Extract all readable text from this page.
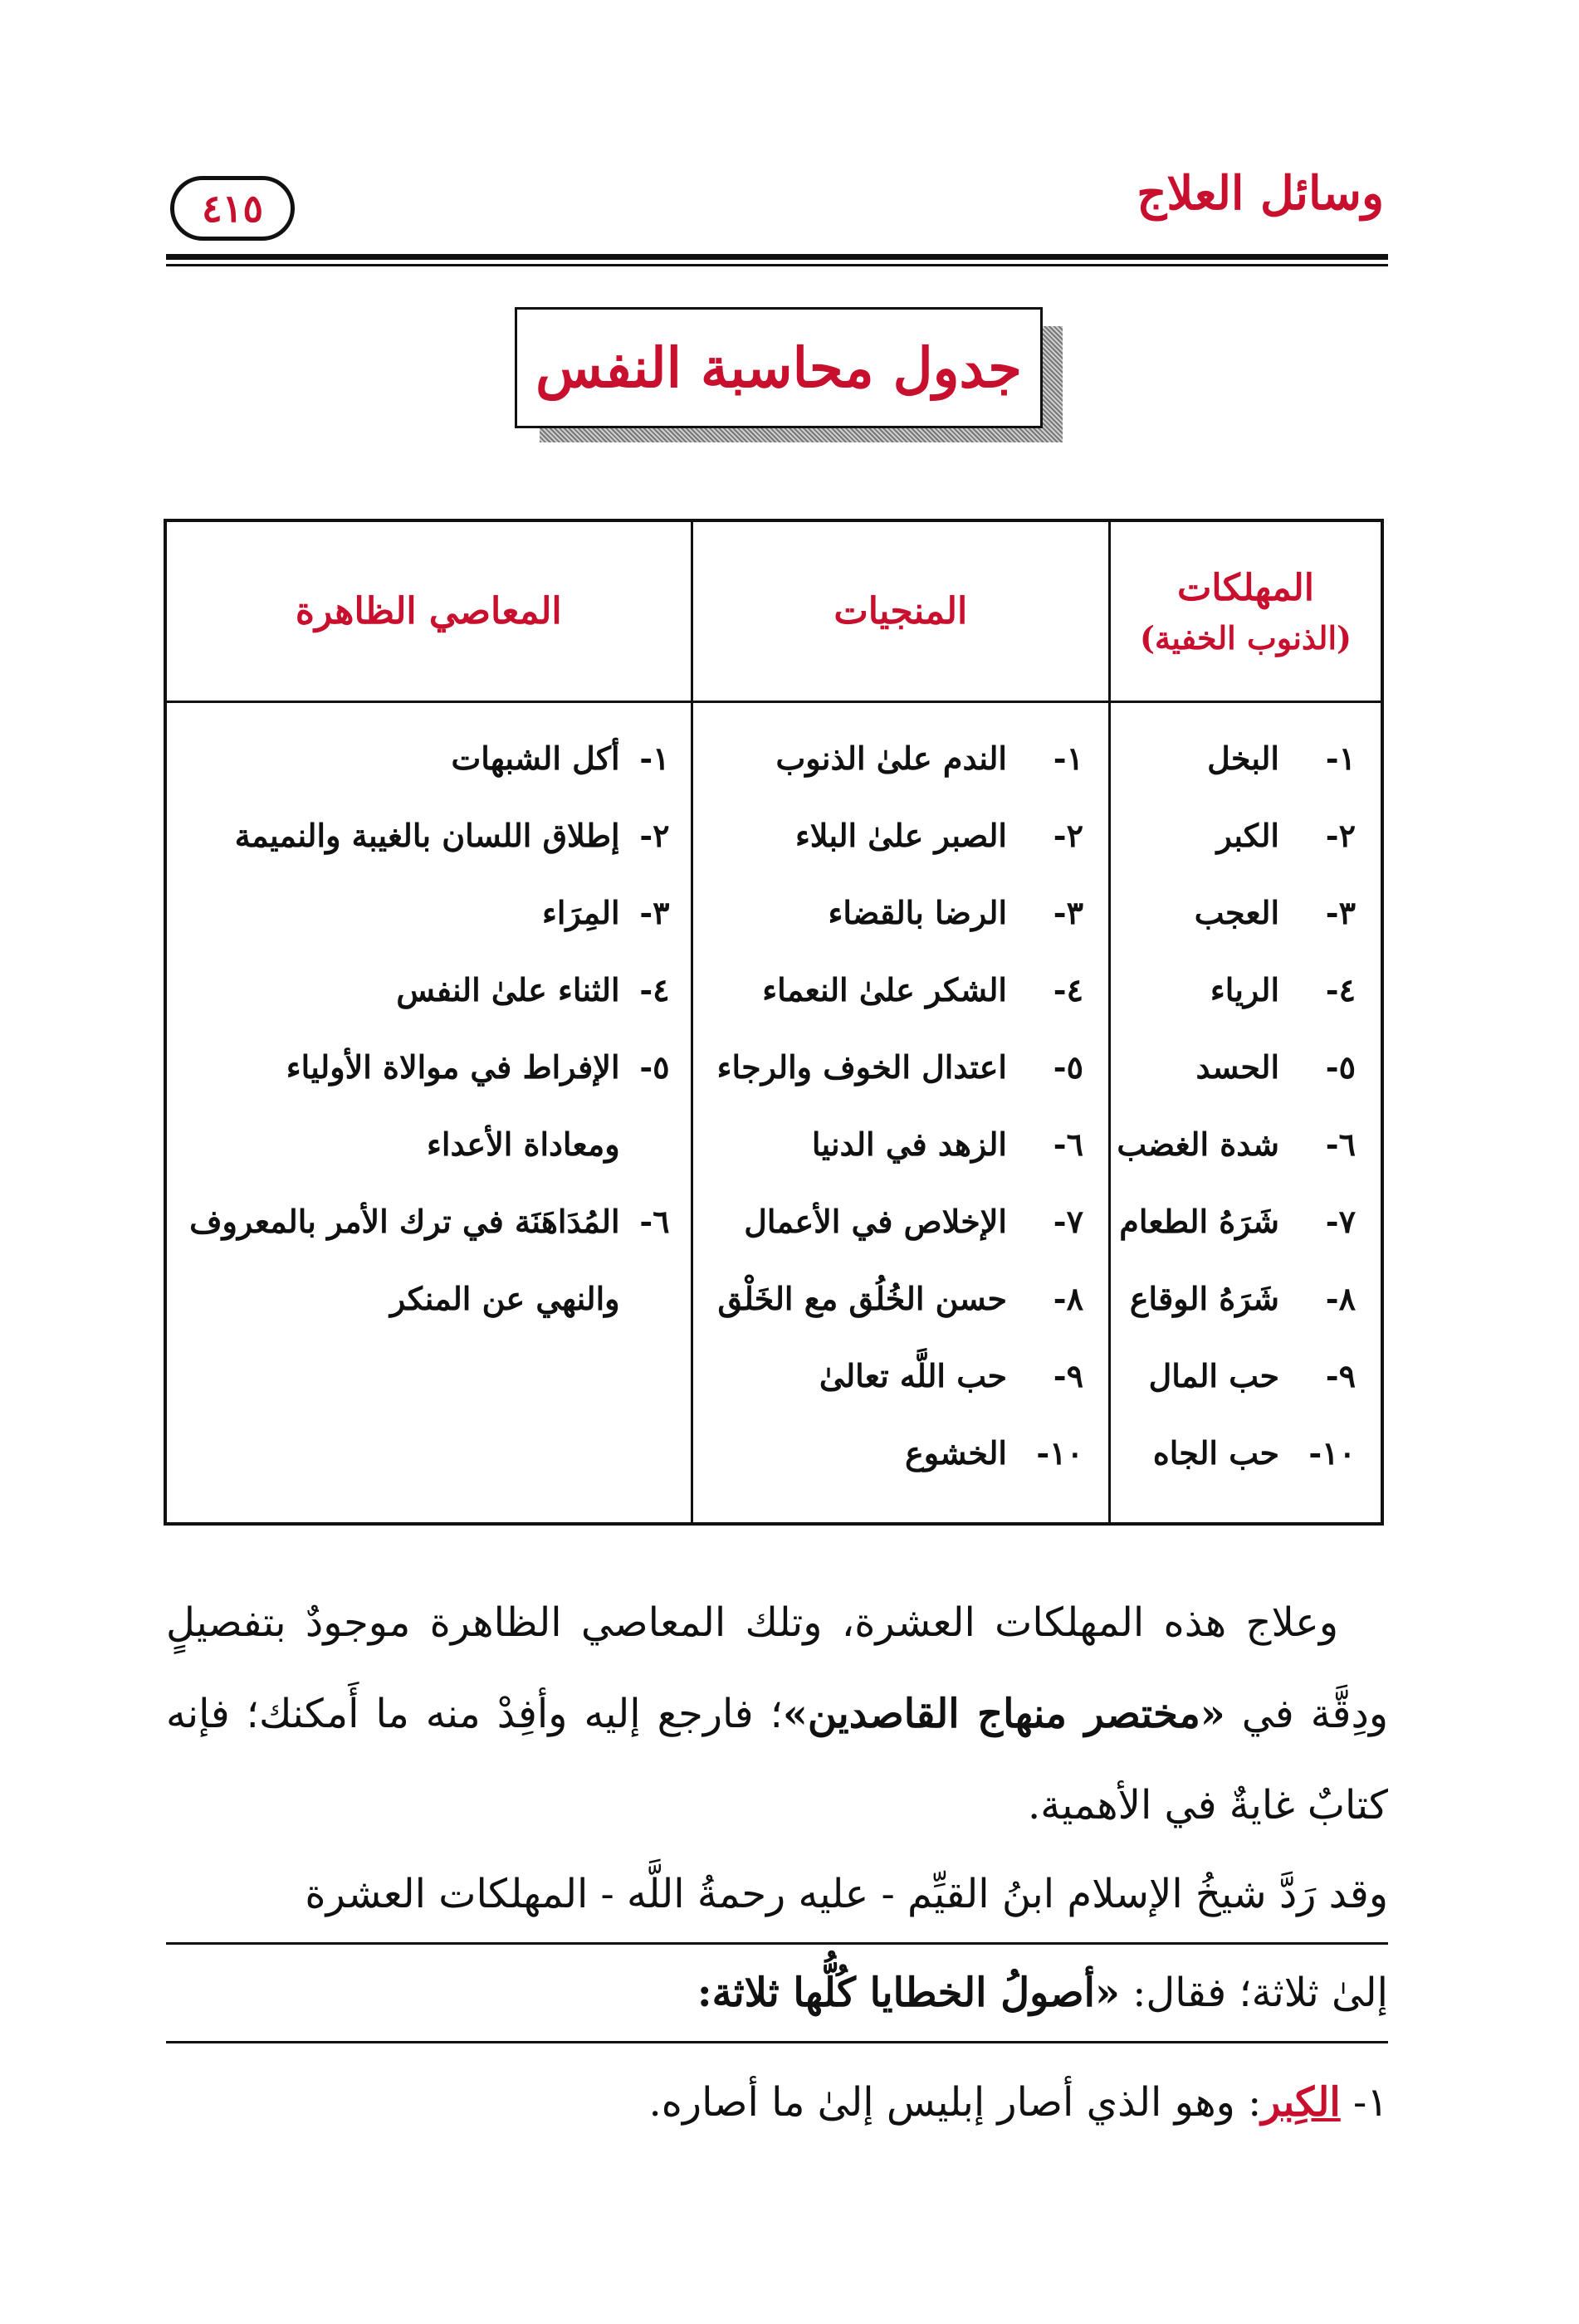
وسائل العلاج
٤١٥
جدول محاسبة النفس
المهلكات
(الذنوب الخفية)
١-البخل
٢-الكبر
٣-العجب
٤-الرياء
٥-الحسد
٦-شدة الغضب
٧-شَرَهُ الطعام
٨-شَرَهُ الوقاع
٩-حب المال
١٠-حب الجاه
المنجيات
١-الندم علىٰ الذنوب
٢-الصبر علىٰ البلاء
٣-الرضا بالقضاء
٤-الشكر علىٰ النعماء
٥-اعتدال الخوف والرجاء
٦-الزهد في الدنيا
٧-الإخلاص في الأعمال
٨-حسن الخُلُق مع الخَلْق
٩-حب اللَّه تعالىٰ
١٠-الخشوع
المعاصي الظاهرة
١-أكل الشبهات
٢-إطلاق اللسان بالغيبة والنميمة
٣-المِرَاء
٤-الثناء علىٰ النفس
٥-الإفراط في موالاة الأولياء
ومعاداة الأعداء
٦-المُدَاهَنَة في ترك الأمر بالمعروف
والنهي عن المنكر
وعلاج هذه المهلكات العشرة، وتلك المعاصي الظاهرة موجودٌ بتفصيلٍ ودِقَّة في «مختصر منهاج القاصدين»؛ فارجع إليه وأفِدْ منه ما أَمكنك؛ فإنه كتابٌ غايةٌ في الأهمية.
وقد رَدَّ شيخُ الإسلام ابنُ القيِّم - عليه رحمةُ اللَّه - المهلكات العشرة
إلىٰ ثلاثة؛ فقال: «أصولُ الخطايا كُلُّها ثلاثة:
١- الكِبر: وهو الذي أصار إبليس إلىٰ ما أصاره.
